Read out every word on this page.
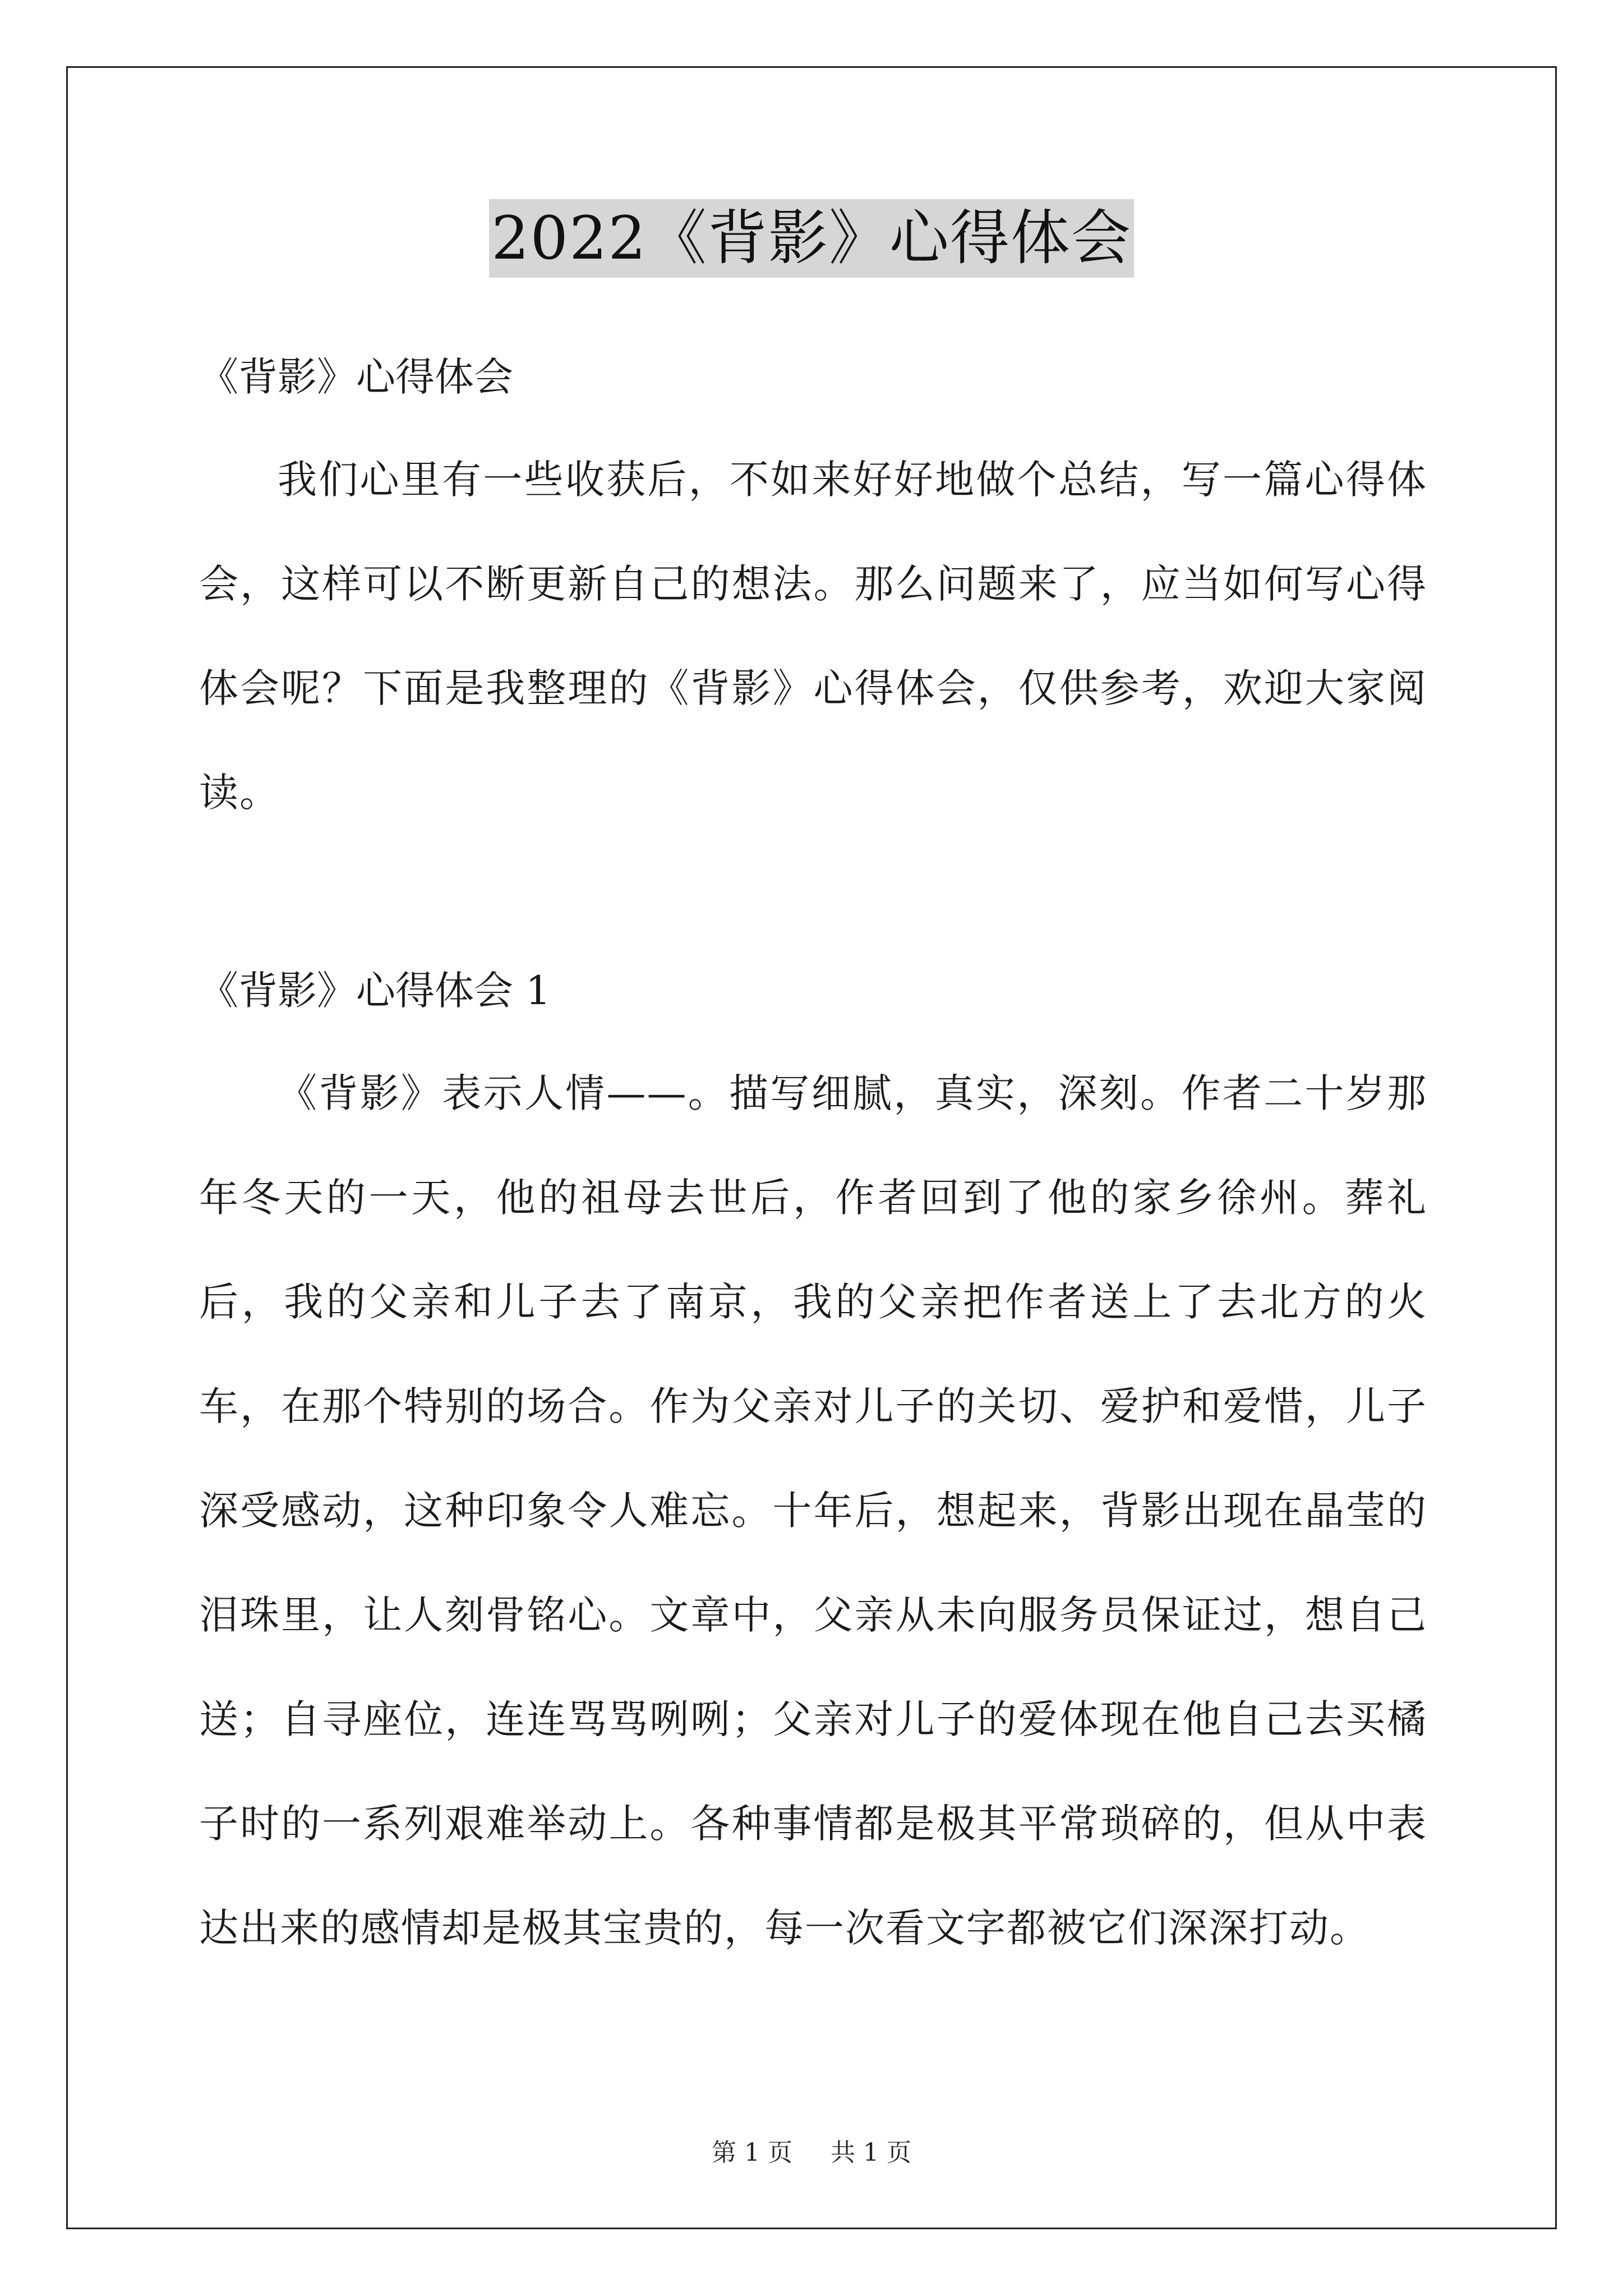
2022《背影》心得体会

《背影》心得体会

我们心里有一些收获后，不如来好好地做个总结，写一篇心得体会，这样可以不断更新自己的想法。那么问题来了，应当如何写心得体会呢？下面是我整理的《背影》心得体会，仅供参考，欢迎大家阅读。

《背影》心得体会 1

《背影》表示人情——。描写细腻，真实，深刻。作者二十岁那年冬天的一天，他的祖母去世后，作者回到了他的家乡徐州。葬礼后，我的父亲和儿子去了南京，我的父亲把作者送上了去北方的火车，在那个特别的场合。作为父亲对儿子的关切、爱护和爱惜，儿子深受感动，这种印象令人难忘。十年后，想起来，背影出现在晶莹的泪珠里，让人刻骨铭心。文章中，父亲从未向服务员保证过，想自己送；自寻座位，连连骂骂咧咧；父亲对儿子的爱体现在他自己去买橘子时的一系列艰难举动上。各种事情都是极其平常琐碎的，但从中表达出来的感情却是极其宝贵的，每一次看文字都被它们深深打动。

第 1 页 共 1 页
